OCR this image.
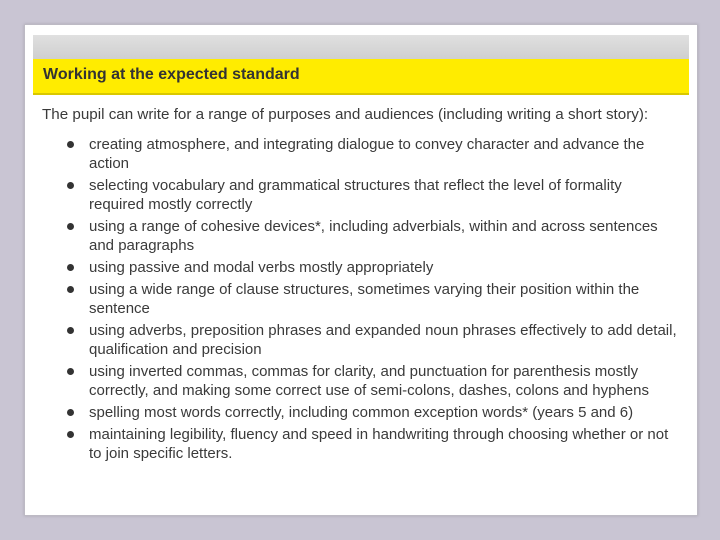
Working at the expected standard
The pupil can write for a range of purposes and audiences (including writing a short story):
creating atmosphere, and integrating dialogue to convey character and advance the action
selecting vocabulary and grammatical structures that reflect the level of formality required mostly correctly
using a range of cohesive devices*, including adverbials, within and across sentences and paragraphs
using passive and modal verbs mostly appropriately
using a wide range of clause structures, sometimes varying their position within the sentence
using adverbs, preposition phrases and expanded noun phrases effectively to add detail, qualification and precision
using inverted commas, commas for clarity, and punctuation for parenthesis mostly correctly, and making some correct use of semi-colons, dashes, colons and hyphens
spelling most words correctly, including common exception words* (years 5 and 6)
maintaining legibility, fluency and speed in handwriting through choosing whether or not to join specific letters.
